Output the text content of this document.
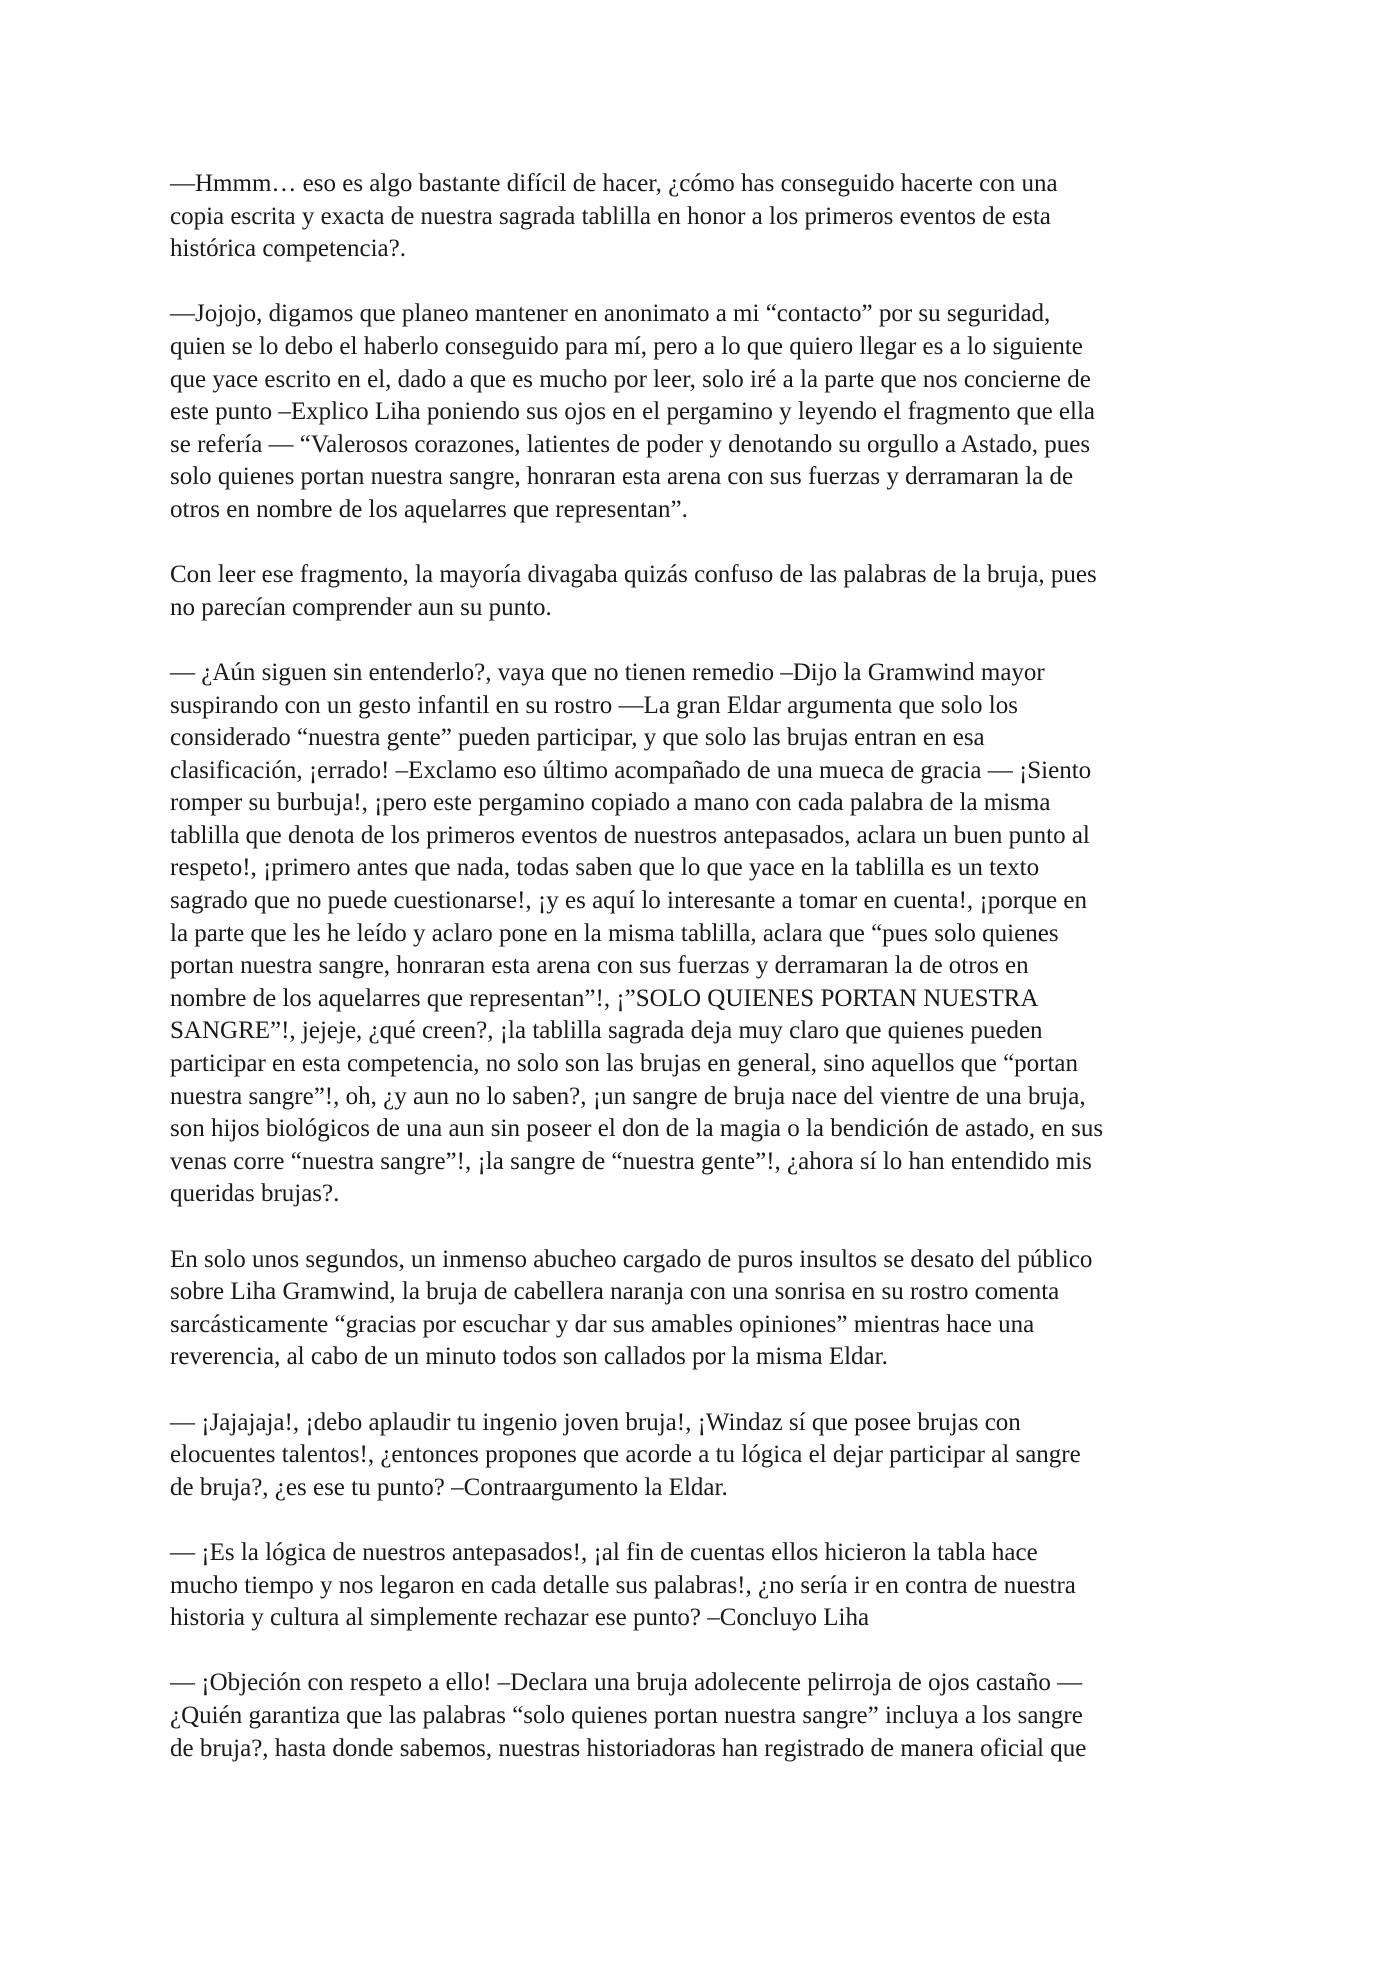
—Hmmm… eso es algo bastante difícil de hacer, ¿cómo has conseguido hacerte con una
copia escrita y exacta de nuestra sagrada tablilla en honor a los primeros eventos de esta
histórica competencia?.

—Jojojo, digamos que planeo mantener en anonimato a mi “contacto” por su seguridad,
quien se lo debo el haberlo conseguido para mí, pero a lo que quiero llegar es a lo siguiente
que yace escrito en el, dado a que es mucho por leer, solo iré a la parte que nos concierne de
este punto –Explico Liha poniendo sus ojos en el pergamino y leyendo el fragmento que ella
se refería — “Valerosos corazones, latientes de poder y denotando su orgullo a Astado, pues
solo quienes portan nuestra sangre, honraran esta arena con sus fuerzas y derramaran la de
otros en nombre de los aquelarres que representan”.

Con leer ese fragmento, la mayoría divagaba quizás confuso de las palabras de la bruja, pues
no parecían comprender aun su punto.

— ¿Aún siguen sin entenderlo?, vaya que no tienen remedio –Dijo la Gramwind mayor
suspirando con un gesto infantil en su rostro —La gran Eldar argumenta que solo los
considerado “nuestra gente” pueden participar, y que solo las brujas entran en esa
clasificación, ¡errado! –Exclamo eso último acompañado de una mueca de gracia — ¡Siento
romper su burbuja!, ¡pero este pergamino copiado a mano con cada palabra de la misma
tablilla que denota de los primeros eventos de nuestros antepasados, aclara un buen punto al
respeto!, ¡primero antes que nada, todas saben que lo que yace en la tablilla es un texto
sagrado que no puede cuestionarse!, ¡y es aquí lo interesante a tomar en cuenta!, ¡porque en
la parte que les he leído y aclaro pone en la misma tablilla, aclara que “pues solo quienes
portan nuestra sangre, honraran esta arena con sus fuerzas y derramaran la de otros en
nombre de los aquelarres que representan”!, ¡”SOLO QUIENES PORTAN NUESTRA
SANGRE”!, jejeje, ¿qué creen?, ¡la tablilla sagrada deja muy claro que quienes pueden
participar en esta competencia, no solo son las brujas en general, sino aquellos que “portan
nuestra sangre”!, oh, ¿y aun no lo saben?, ¡un sangre de bruja nace del vientre de una bruja,
son hijos biológicos de una aun sin poseer el don de la magia o la bendición de astado, en sus
venas corre “nuestra sangre”!, ¡la sangre de “nuestra gente”!, ¿ahora sí lo han entendido mis
queridas brujas?.

En solo unos segundos, un inmenso abucheo cargado de puros insultos se desato del público
sobre Liha Gramwind, la bruja de cabellera naranja con una sonrisa en su rostro comenta
sarcásticamente “gracias por escuchar y dar sus amables opiniones” mientras hace una
reverencia, al cabo de un minuto todos son callados por la misma Eldar.

— ¡Jajajaja!, ¡debo aplaudir tu ingenio joven bruja!, ¡Windaz sí que posee brujas con
elocuentes talentos!, ¿entonces propones que acorde a tu lógica el dejar participar al sangre
de bruja?, ¿es ese tu punto? –Contraargumento la Eldar.

— ¡Es la lógica de nuestros antepasados!, ¡al fin de cuentas ellos hicieron la tabla hace
mucho tiempo y nos legaron en cada detalle sus palabras!, ¿no sería ir en contra de nuestra
historia y cultura al simplemente rechazar ese punto? –Concluyo Liha

— ¡Objeción con respeto a ello! –Declara una bruja adolecente pelirroja de ojos castaño —
¿Quién garantiza que las palabras “solo quienes portan nuestra sangre” incluya a los sangre
de bruja?, hasta donde sabemos, nuestras historiadoras han registrado de manera oficial que
